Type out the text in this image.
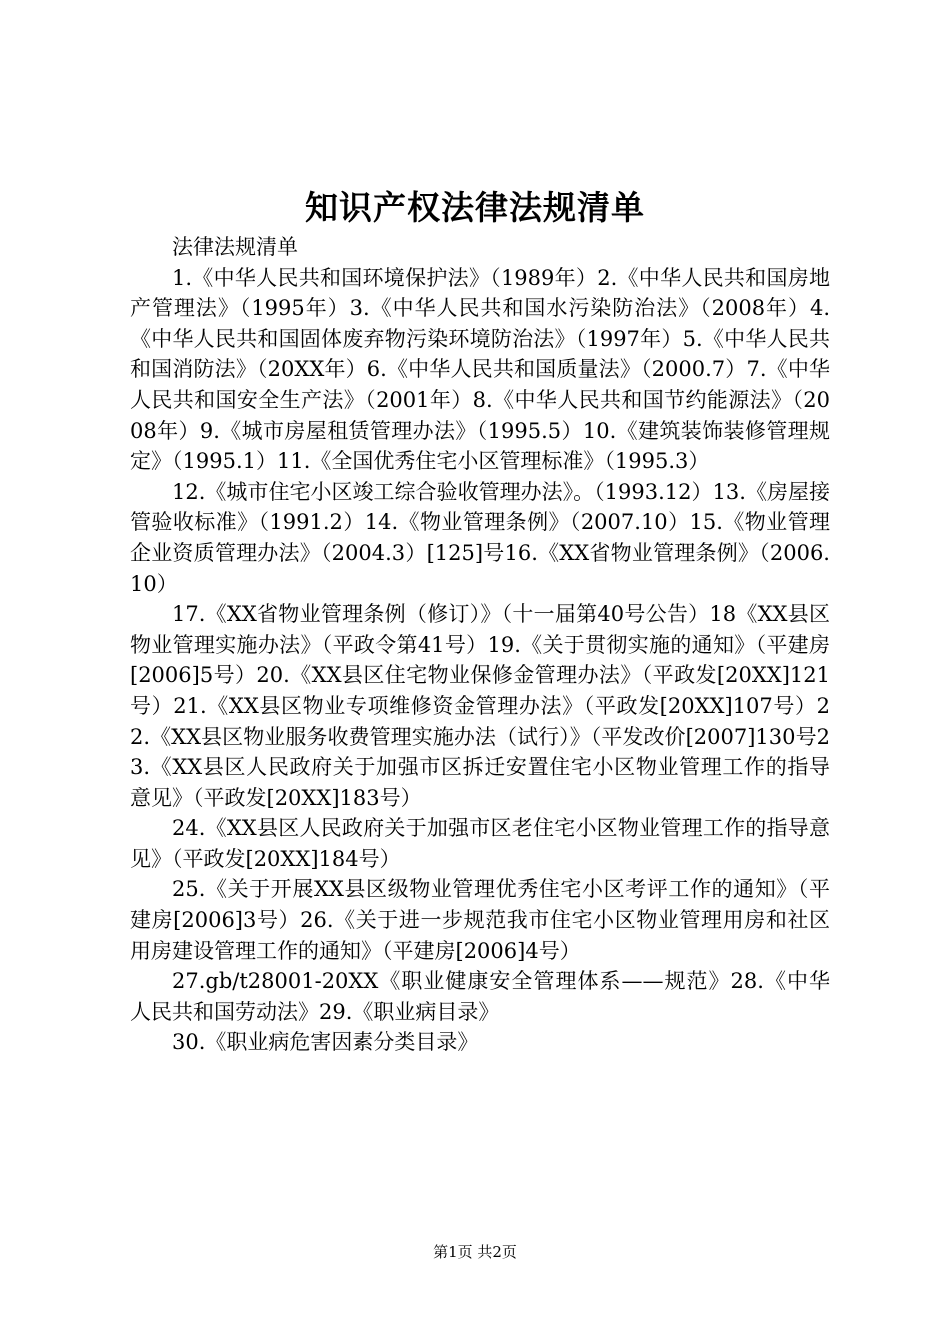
知识产权法律法规清单

法律法规清单

1.《中华人民共和国环境保护法》（1989年）2.《中华人民共和国房地产管理法》（1995年）3.《中华人民共和国水污染防治法》（2008年）4.《中华人民共和国固体废弃物污染环境防治法》（1997年）5.《中华人民共和国消防法》（20XX年）6.《中华人民共和国质量法》（2000.7）7.《中华人民共和国安全生产法》（2001年）8.《中华人民共和国节约能源法》（2008年）9.《城市房屋租赁管理办法》（1995.5）10.《建筑装饰装修管理规定》（1995.1）11.《全国优秀住宅小区管理标准》（1995.3）

12.《城市住宅小区竣工综合验收管理办法》。（1993.12）13.《房屋接管验收标准》（1991.2）14.《物业管理条例》（2007.10）15.《物业管理企业资质管理办法》（2004.3）[125]号16.《XX省物业管理条例》（2006.10）

17.《XX省物业管理条例（修订）》（十一届第40号公告）18《XX县区物业管理实施办法》（平政令第41号）19.《关于贯彻实施的通知》（平建房[2006]5号）20.《XX县区住宅物业保修金管理办法》（平政发[20XX]121号）21.《XX县区物业专项维修资金管理办法》（平政发[20XX]107号）22.《XX县区物业服务收费管理实施办法（试行）》（平发改价[2007]130号23.《XX县区人民政府关于加强市区拆迁安置住宅小区物业管理工作的指导意见》（平政发[20XX]183号）

24.《XX县区人民政府关于加强市区老住宅小区物业管理工作的指导意见》（平政发[20XX]184号）

25.《关于开展XX县区级物业管理优秀住宅小区考评工作的通知》（平建房[2006]3号）26.《关于进一步规范我市住宅小区物业管理用房和社区用房建设管理工作的通知》（平建房[2006]4号）

27.gb/t28001-20XX《职业健康安全管理体系——规范》28.《中华人民共和国劳动法》29.《职业病目录》

30.《职业病危害因素分类目录》

第1页 共2页
